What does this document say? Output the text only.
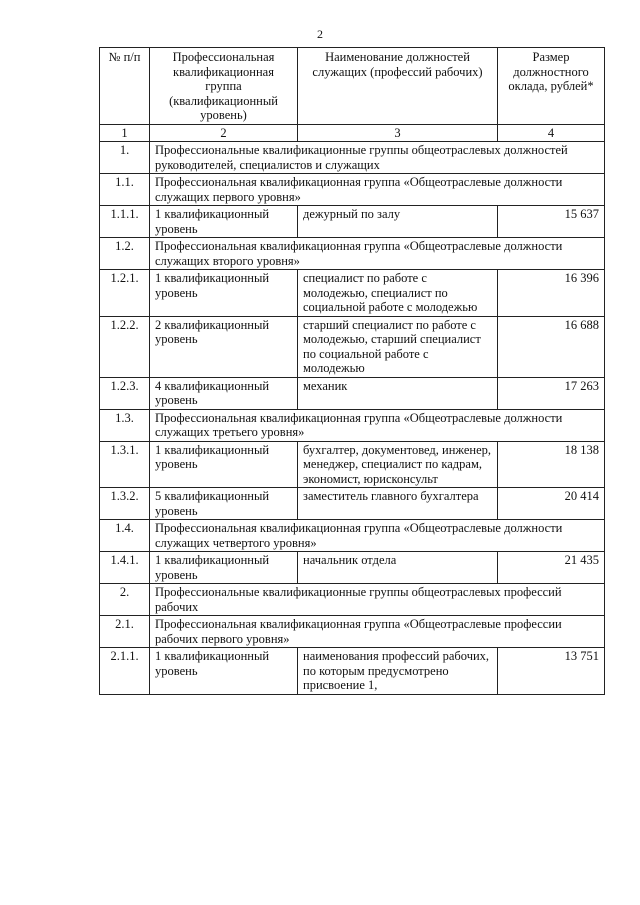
2
№ п/п	Профессиональная квалификационная группа (квалификационный уровень)	Наименование должностей служащих (профессий рабочих)	Размер должностного оклада, рублей*
1	2	3	4
1.	Профессиональные квалификационные группы общеотраслевых должностей руководителей, специалистов и служащих		
1.1.	Профессиональная квалификационная группа «Общеотраслевые должности служащих первого уровня»		
1.1.1.	1 квалификационный уровень	дежурный по залу	15 637
1.2.	Профессиональная квалификационная группа «Общеотраслевые должности служащих второго уровня»		
1.2.1.	1 квалификационный уровень	специалист по работе с молодежью, специалист по социальной работе с молодежью	16 396
1.2.2.	2 квалификационный уровень	старший специалист по работе с молодежью, старший специалист по социальной работе с молодежью	16 688
1.2.3.	4 квалификационный уровень	механик	17 263
1.3.	Профессиональная квалификационная группа «Общеотраслевые должности служащих третьего уровня»		
1.3.1.	1 квалификационный уровень	бухгалтер, документовед, инженер, менеджер, специалист по кадрам, экономист, юрисконсульт	18 138
1.3.2.	5 квалификационный уровень	заместитель главного бухгалтера	20 414
1.4.	Профессиональная квалификационная группа «Общеотраслевые должности служащих четвертого уровня»		
1.4.1.	1 квалификационный уровень	начальник отдела	21 435
2.	Профессиональные квалификационные группы общеотраслевых профессий рабочих		
2.1.	Профессиональная квалификационная группа «Общеотраслевые профессии рабочих первого уровня»		
2.1.1.	1 квалификационный уровень	наименования профессий рабочих, по которым предусмотрено присвоение 1,	13 751
